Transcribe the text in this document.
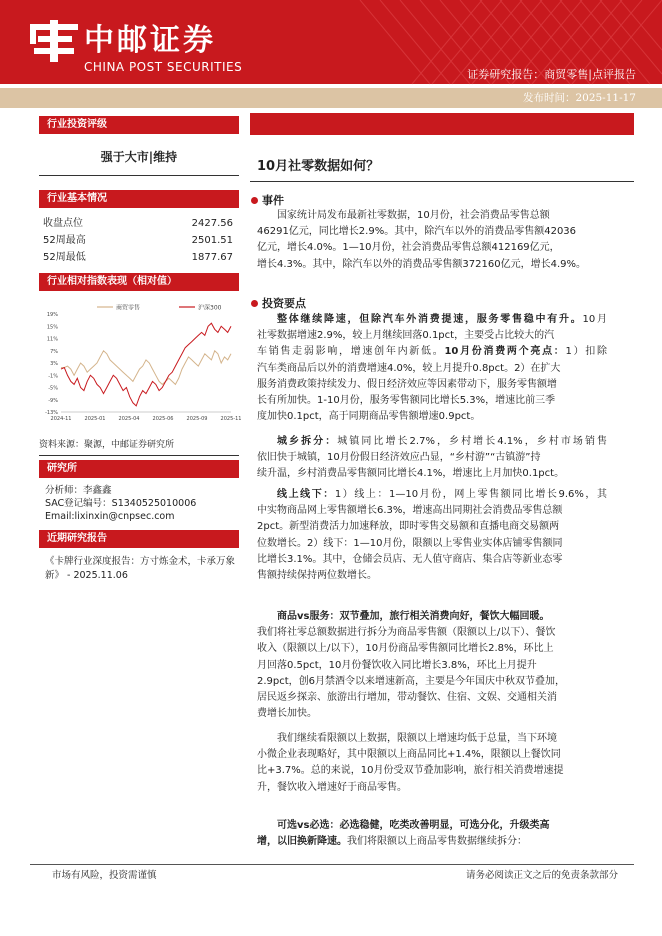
中邮证券
CHINA POST SECURITIES
证券研究报告：商贸零售|点评报告
发布时间：2025-11-17
行业投资评级
强于大市|维持
行业基本情况
收盘点位	2427.56
52周最高	2501.51
52周最低	1877.67
行业相对指数表现（相对值）
商贸零售	沪深300
19%
15%
11%
7%
3%
-1%
-5%
-9%
-13%
2024-11	2025-01	2025-04	2025-06	2025-09	2025-11
资料来源：聚源，中邮证券研究所
研究所
分析师：李鑫鑫
SAC登记编号：S1340525010006
Email:lixinxin@cnpsec.com
近期研究报告
《卡牌行业深度报告：方寸炼金术，卡承万象新》 - 2025.11.06
10月社零数据如何？
事件
国家统计局发布最新社零数据，10月份，社会消费品零售总额
46291亿元，同比增长2.9%。其中，除汽车以外的消费品零售额42036
亿元，增长4.0%。1—10月份，社会消费品零售总额412169亿元，
增长4.3%。其中，除汽车以外的消费品零售额372160亿元，增长4.9%。
投资要点
整体继续降速，但除汽车外消费提速，服务零售稳中有升。10月
社零数据增速2.9%，较上月继续回落0.1pct，主要受占比较大的汽
车销售走弱影响，增速创年内新低。10月份消费两个亮点：1）扣除
汽车类商品后以外的消费增速4.0%，较上月提升0.8pct。2）在扩大
服务消费政策持续发力、假日经济效应等因素带动下，服务零售额增
长有所加快。1-10月份，服务零售额同比增长5.3%，增速比前三季
度加快0.1pct，高于同期商品零售额增速0.9pct。
城乡拆分：城镇同比增长2.7%，乡村增长4.1%，乡村市场销售
依旧快于城镇，10月份假日经济效应凸显，“乡村游”“古镇游”持
续升温，乡村消费品零售额同比增长4.1%，增速比上月加快0.1pct。
线上线下：1）线上：1—10月份，网上零售额同比增长9.6%，其
中实物商品网上零售额增长6.3%，增速高出同期社会消费品零售总额
2pct。新型消费活力加速释放，即时零售交易额和直播电商交易额两
位数增长。2）线下：1—10月份，限额以上零售业实体店铺零售额同
比增长3.1%。其中，仓储会员店、无人值守商店、集合店等新业态零
售额持续保持两位数增长。
商品vs服务：双节叠加，旅行相关消费向好，餐饮大幅回暖。
我们将社零总额数据进行拆分为商品零售额（限额以上/以下）、餐饮
收入（限额以上/以下），10月份商品零售额同比增长2.8%，环比上
月回落0.5pct，10月份餐饮收入同比增长3.8%，环比上月提升
2.9pct，创6月禁酒令以来增速新高，主要是今年国庆中秋双节叠加，
居民返乡探亲、旅游出行增加，带动餐饮、住宿、文娱、交通相关消
费增长加快。
我们继续看限额以上数据，限额以上增速均低于总量，当下环境
小微企业表现略好，其中限额以上商品同比+1.4%，限额以上餐饮同
比+3.7%。总的来说，10月份受双节叠加影响，旅行相关消费增速提
升，餐饮收入增速好于商品零售。
可选vs必选：必选稳健，吃类改善明显，可选分化，升级类高
增，以旧换新降速。我们将限额以上商品零售数据继续拆分：
市场有风险，投资需谨慎	请务必阅读正文之后的免责条款部分
